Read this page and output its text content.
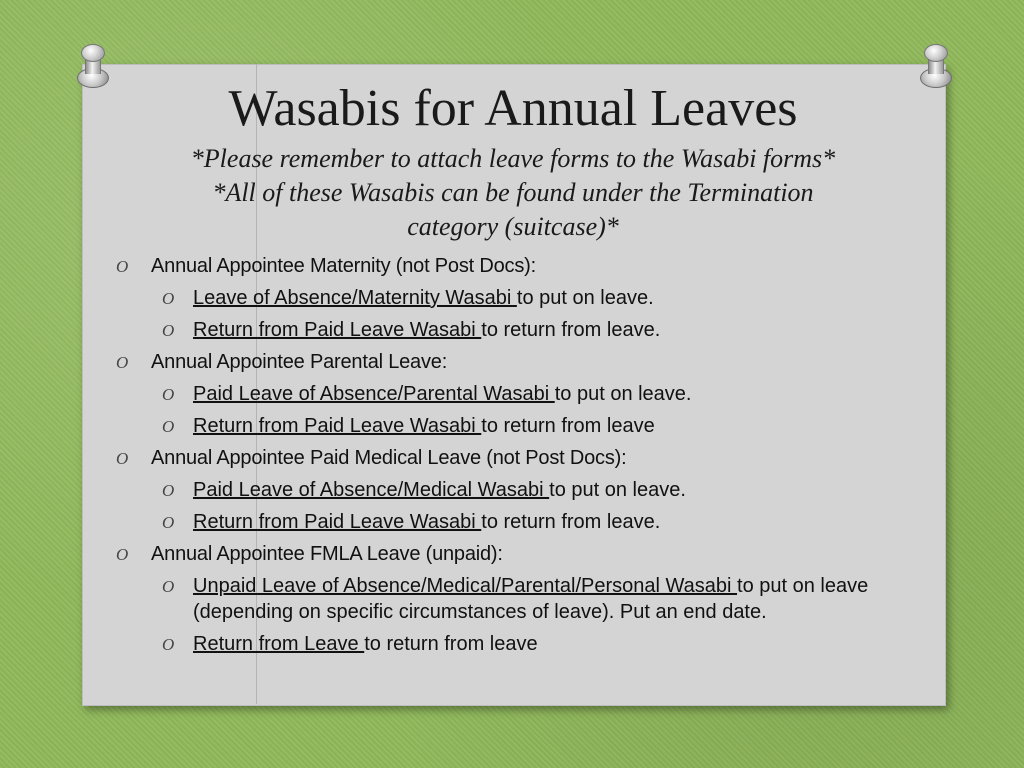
Wasabis for Annual Leaves
*Please remember to attach leave forms to the Wasabi forms*
*All of these Wasabis can be found under the Termination
category (suitcase)*
O Annual Appointee Maternity (not Post Docs):
O Leave of Absence/Maternity Wasabi to put on leave.
O Return from Paid Leave Wasabi to return from leave.
O Annual Appointee Parental Leave:
O Paid Leave of Absence/Parental Wasabi to put on leave.
O Return from Paid Leave Wasabi to return from leave
O Annual Appointee Paid Medical Leave (not Post Docs):
O Paid Leave of Absence/Medical Wasabi to put on leave.
O Return from Paid Leave Wasabi to return from leave.
O Annual Appointee FMLA Leave (unpaid):
O Unpaid Leave of Absence/Medical/Parental/Personal Wasabi to put on leave (depending on specific circumstances of leave). Put an end date.
O Return from Leave to return from leave
